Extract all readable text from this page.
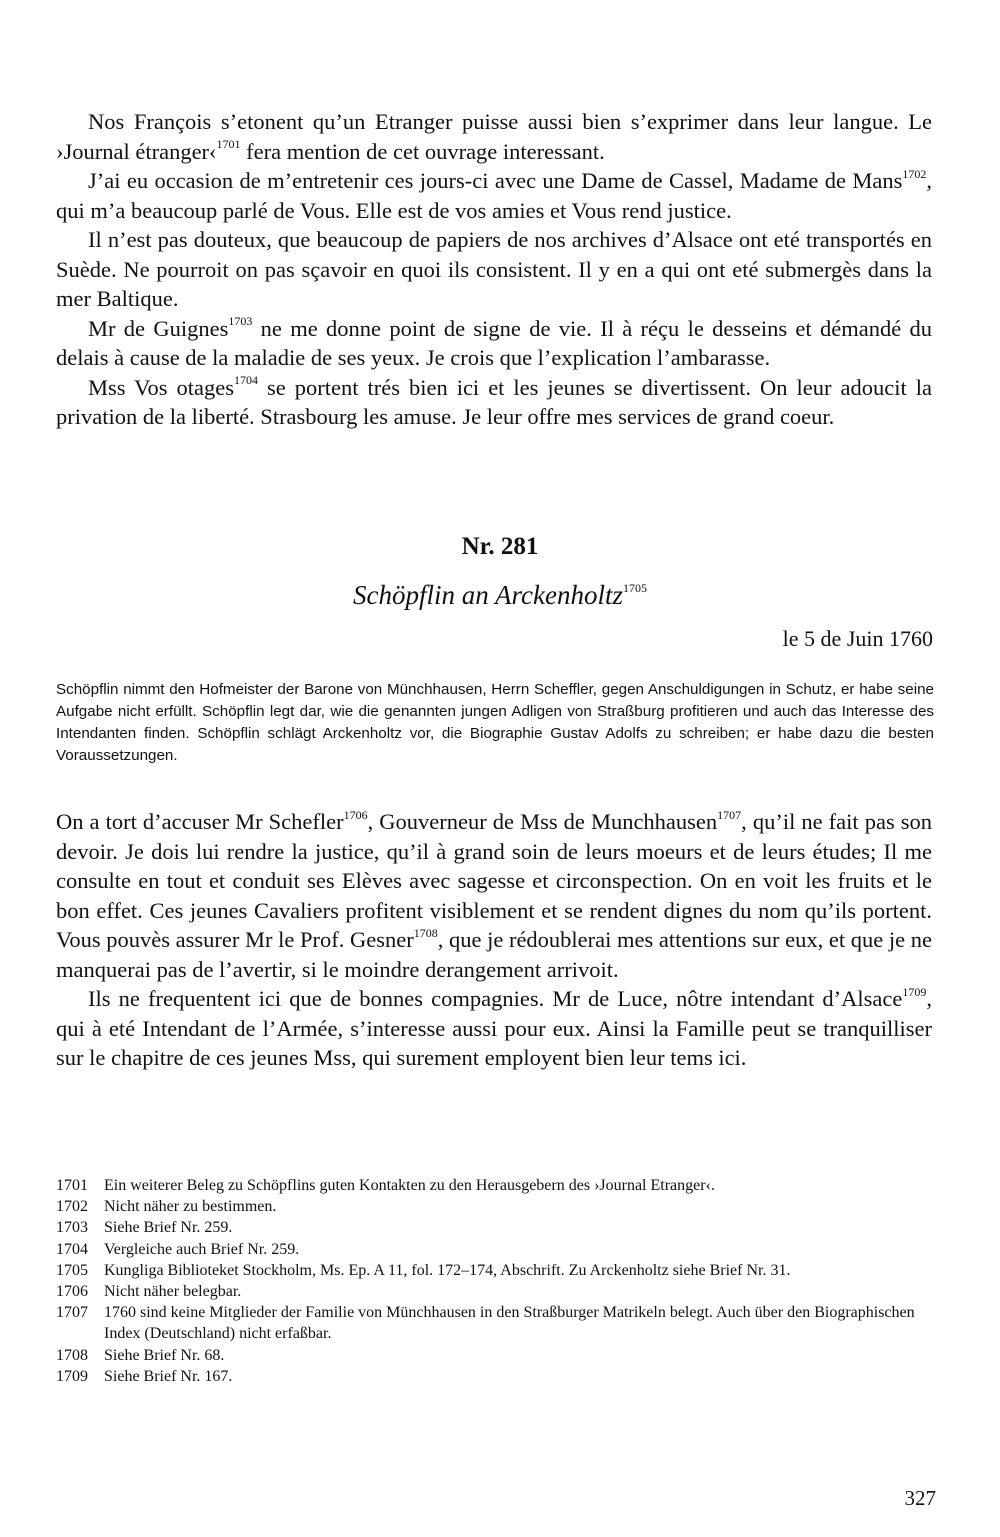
Nos François s’etonent qu’un Etranger puisse aussi bien s’exprimer dans leur langue. Le ›Journal étranger‹$^{1701}$ fera mention de cet ouvrage interessant.

J’ai eu occasion de m’entretenir ces jours-ci avec une Dame de Cassel, Madame de Mans$^{1702}$, qui m’a beaucoup parlé de Vous. Elle est de vos amies et Vous rend justice.

Il n’est pas douteux, que beaucoup de papiers de nos archives d’Alsace ont eté transportés en Suède. Ne pourroit on pas sçavoir en quoi ils consistent. Il y en a qui ont eté submergès dans la mer Baltique.

Mr de Guignes$^{1703}$ ne me donne point de signe de vie. Il à réçu le desseins et démandé du delais à cause de la maladie de ses yeux. Je crois que l’explication l’ambarasse.

Mss Vos otages$^{1704}$ se portent trés bien ici et les jeunes se divertissent. On leur adoucit la privation de la liberté. Strasbourg les amuse. Je leur offre mes services de grand coeur.

Nr. 281
Schöpflin an Arckenholtz$^{1705}$
le 5 de Juin 1760
Schöpflin nimmt den Hofmeister der Barone von Münchhausen, Herrn Scheffler, gegen Anschuldigungen in Schutz, er habe seine Aufgabe nicht erfüllt. Schöpflin legt dar, wie die genannten jungen Adligen von Straßburg profitieren und auch das Interesse des Intendanten finden. Schöpflin schlägt Arckenholtz vor, die Biographie Gustav Adolfs zu schreiben; er habe dazu die besten Voraussetzungen.

On a tort d’accuser Mr Schefler$^{1706}$, Gouverneur de Mss de Munchhausen$^{1707}$, qu’il ne fait pas son devoir. Je dois lui rendre la justice, qu’il à grand soin de leurs moeurs et de leurs études; Il me consulte en tout et conduit ses Elèves avec sagesse et circonspection. On en voit les fruits et le bon effet. Ces jeunes Cavaliers profitent visiblement et se rendent dignes du nom qu’ils portent. Vous pouvès assurer Mr le Prof. Gesner$^{1708}$, que je rédoublerai mes attentions sur eux, et que je ne manquerai pas de l’avertir, si le moindre derangement arrivoit.

Ils ne frequentent ici que de bonnes compagnies. Mr de Luce, nôtre intendant d’Alsace$^{1709}$, qui à eté Intendant de l’Armée, s’interesse aussi pour eux. Ainsi la Famille peut se tranquilliser sur le chapitre de ces jeunes Mss, qui surement employent bien leur tems ici.

1701	Ein weiterer Beleg zu Schöpflins guten Kontakten zu den Herausgebern des ›Journal Etranger‹.
1702	Nicht näher zu bestimmen.
1703	Siehe Brief Nr. 259.
1704	Vergleiche auch Brief Nr. 259.
1705	Kungliga Biblioteket Stockholm, Ms. Ep. A 11, fol. 172–174, Abschrift. Zu Arckenholtz siehe Brief Nr. 31.
1706	Nicht näher belegbar.
1707	1760 sind keine Mitglieder der Familie von Münchhausen in den Straßburger Matrikeln belegt. Auch über den Biographischen Index (Deutschland) nicht erfaßbar.
1708	Siehe Brief Nr. 68.
1709	Siehe Brief Nr. 167.
327
